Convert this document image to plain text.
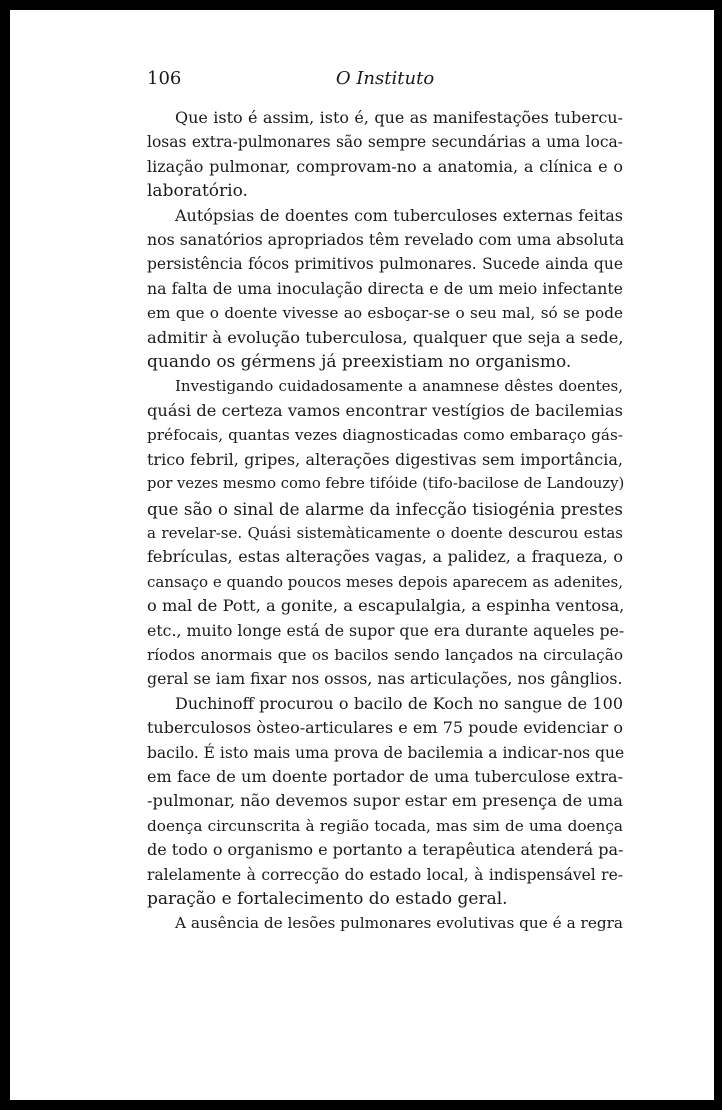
106	O Instituto
Que isto é assim, isto é, que as manifestações tubercu-
losas extra-pulmonares são sempre secundárias a uma loca-
lização pulmonar, comprovam-no a anatomia, a clínica e o
laboratório.
Autópsias de doentes com tuberculoses externas feitas
nos sanatórios apropriados têm revelado com uma absoluta
persistência fócos primitivos pulmonares. Sucede ainda que
na falta de uma inoculação directa e de um meio infectante
em que o doente vivesse ao esboçar-se o seu mal, só se pode
admitir à evolução tuberculosa, qualquer que seja a sede,
quando os gérmens já preexistiam no organismo.
Investigando cuidadosamente a anamnese dêstes doentes,
quási de certeza vamos encontrar vestígios de bacilemias
préfocais, quantas vezes diagnosticadas como embaraço gás-
trico febril, gripes, alterações digestivas sem importância,
por vezes mesmo como febre tifóide (tifo-bacilose de Landouzy)
que são o sinal de alarme da infecção tisiogénia prestes
a revelar-se. Quási sistemàticamente o doente descurou estas
febrículas, estas alterações vagas, a palidez, a fraqueza, o
cansaço e quando poucos meses depois aparecem as adenites,
o mal de Pott, a gonite, a escapulalgia, a espinha ventosa,
etc., muito longe está de supor que era durante aqueles pe-
ríodos anormais que os bacilos sendo lançados na circulação
geral se iam fixar nos ossos, nas articulações, nos gânglios.
Duchinoff procurou o bacilo de Koch no sangue de 100
tuberculosos òsteo-articulares e em 75 poude evidenciar o
bacilo. É isto mais uma prova de bacilemia a indicar-nos que
em face de um doente portador de uma tuberculose extra-
-pulmonar, não devemos supor estar em presença de uma
doença circunscrita à região tocada, mas sim de uma doença
de todo o organismo e portanto a terapêutica atenderá pa-
ralelamente à correcção do estado local, à indispensável re-
paração e fortalecimento do estado geral.
A ausência de lesões pulmonares evolutivas que é a regra
